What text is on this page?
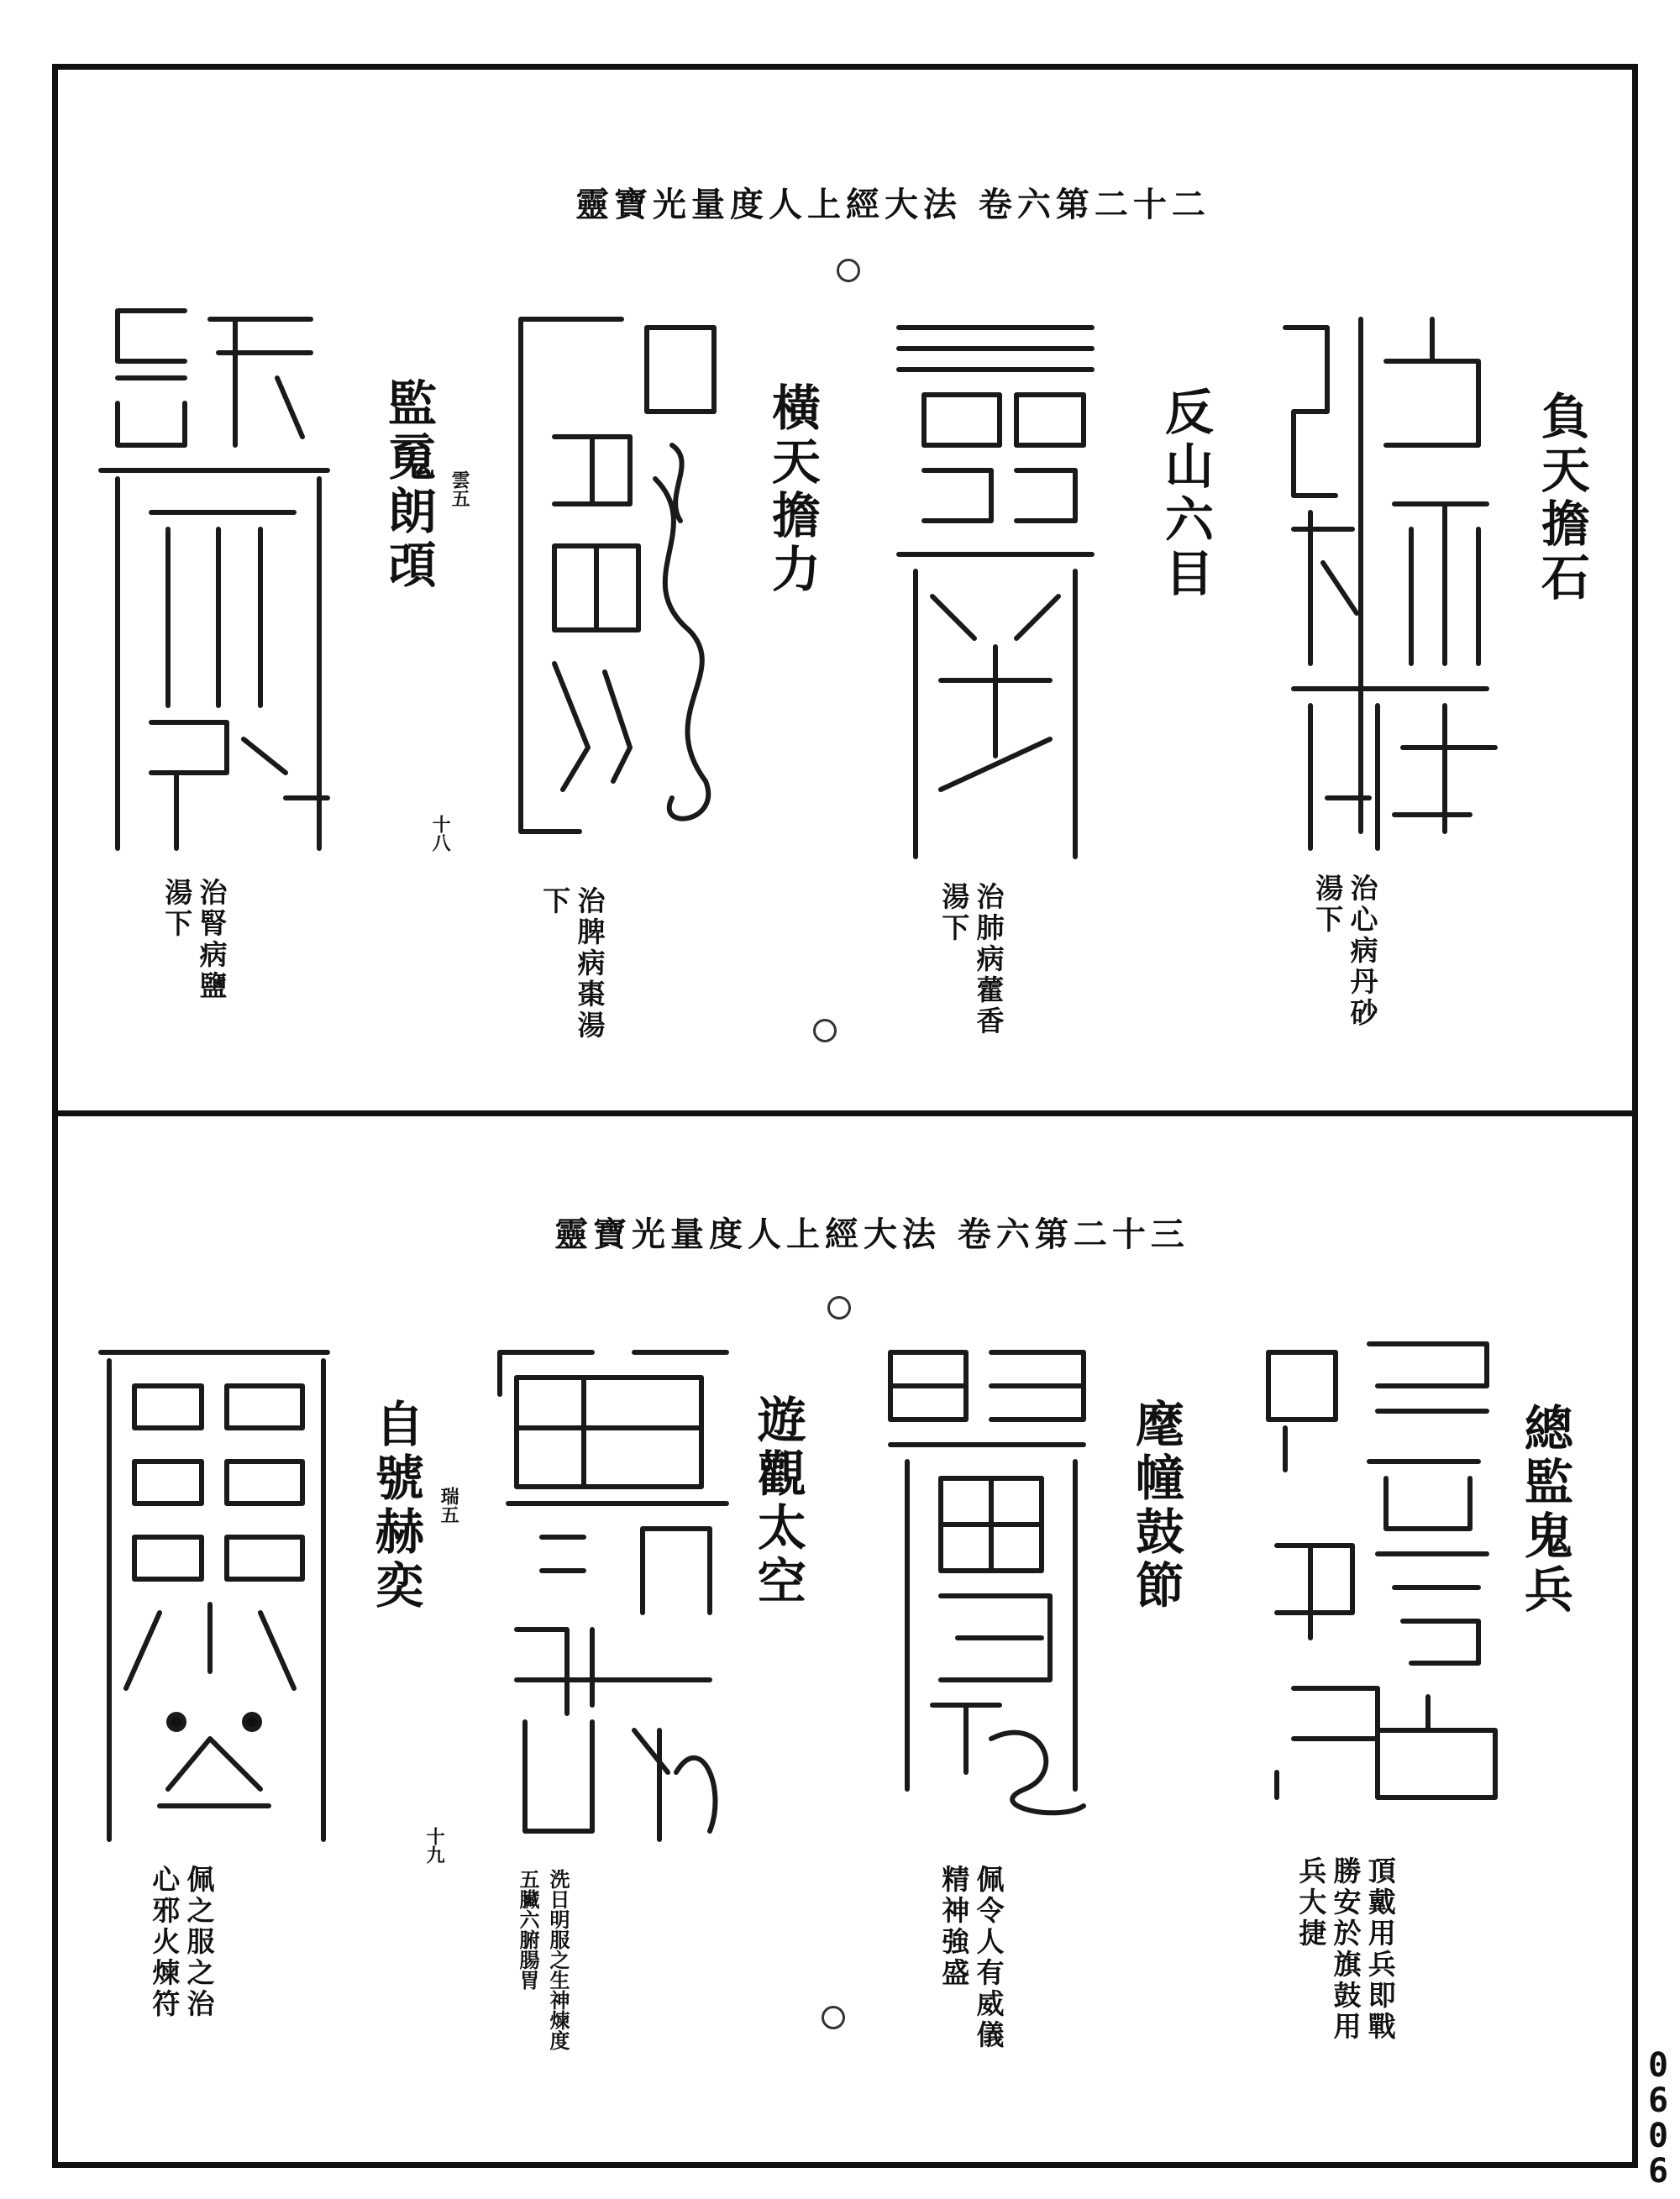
二十二第六卷 法大經上人度量光寶靈
負天擔石
治心病丹砂湯下
反山六目
治肺病藿香湯下
橫天擔力
治脾病棗湯下
監䰟朗䪱 雲五
十八
治腎病鹽湯下
三十二第六卷 法大經上人度量光寶靈
總監鬼兵
頂戴用兵即戰勝安於旗鼓用兵大捷
麾幢鼓節
佩令人有威儀精神強盛
遊觀太空
洗日明服之生神煉度五臟六腑腸胃
自號赫奕 瑞五
十九
佩之服之治心邪火煉符
0606
